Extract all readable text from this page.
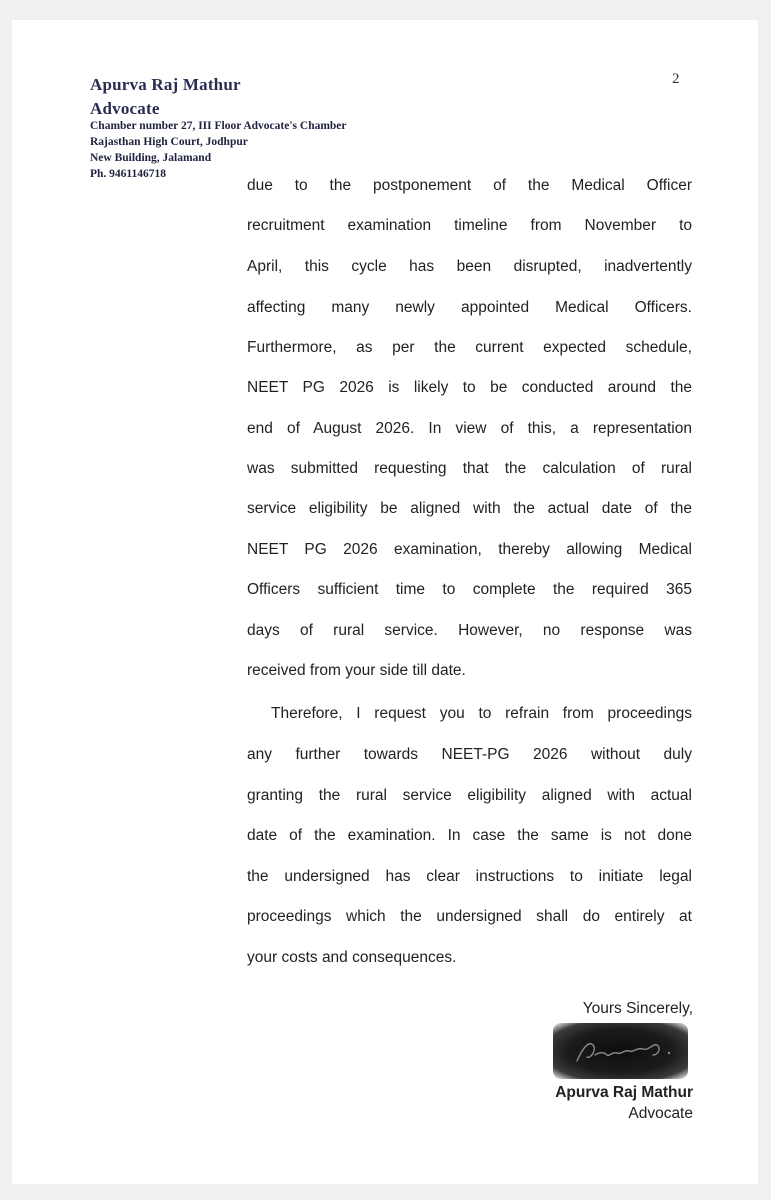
Apurva Raj Mathur
Advocate
Chamber number 27, III Floor Advocate's Chamber
Rajasthan High Court, Jodhpur
New Building, Jalamand
Ph. 9461146718
2
due to the postponement of the Medical Officer
recruitment examination timeline from November to
April, this cycle has been disrupted, inadvertently
affecting many newly appointed Medical Officers.
Furthermore, as per the current expected schedule,
NEET PG 2026 is likely to be conducted around the
end of August 2026. In view of this, a representation
was submitted requesting that the calculation of rural
service eligibility be aligned with the actual date of the
NEET PG 2026 examination, thereby allowing Medical
Officers sufficient time to complete the required 365
days of rural service. However, no response was
received from your side till date.
Therefore, I request you to refrain from proceedings
any further towards NEET-PG 2026 without duly
granting the rural service eligibility aligned with actual
date of the examination. In case the same is not done
the undersigned has clear instructions to initiate legal
proceedings which the undersigned shall do entirely at
your costs and consequences.
Yours Sincerely,
Apurva Raj Mathur
Advocate
